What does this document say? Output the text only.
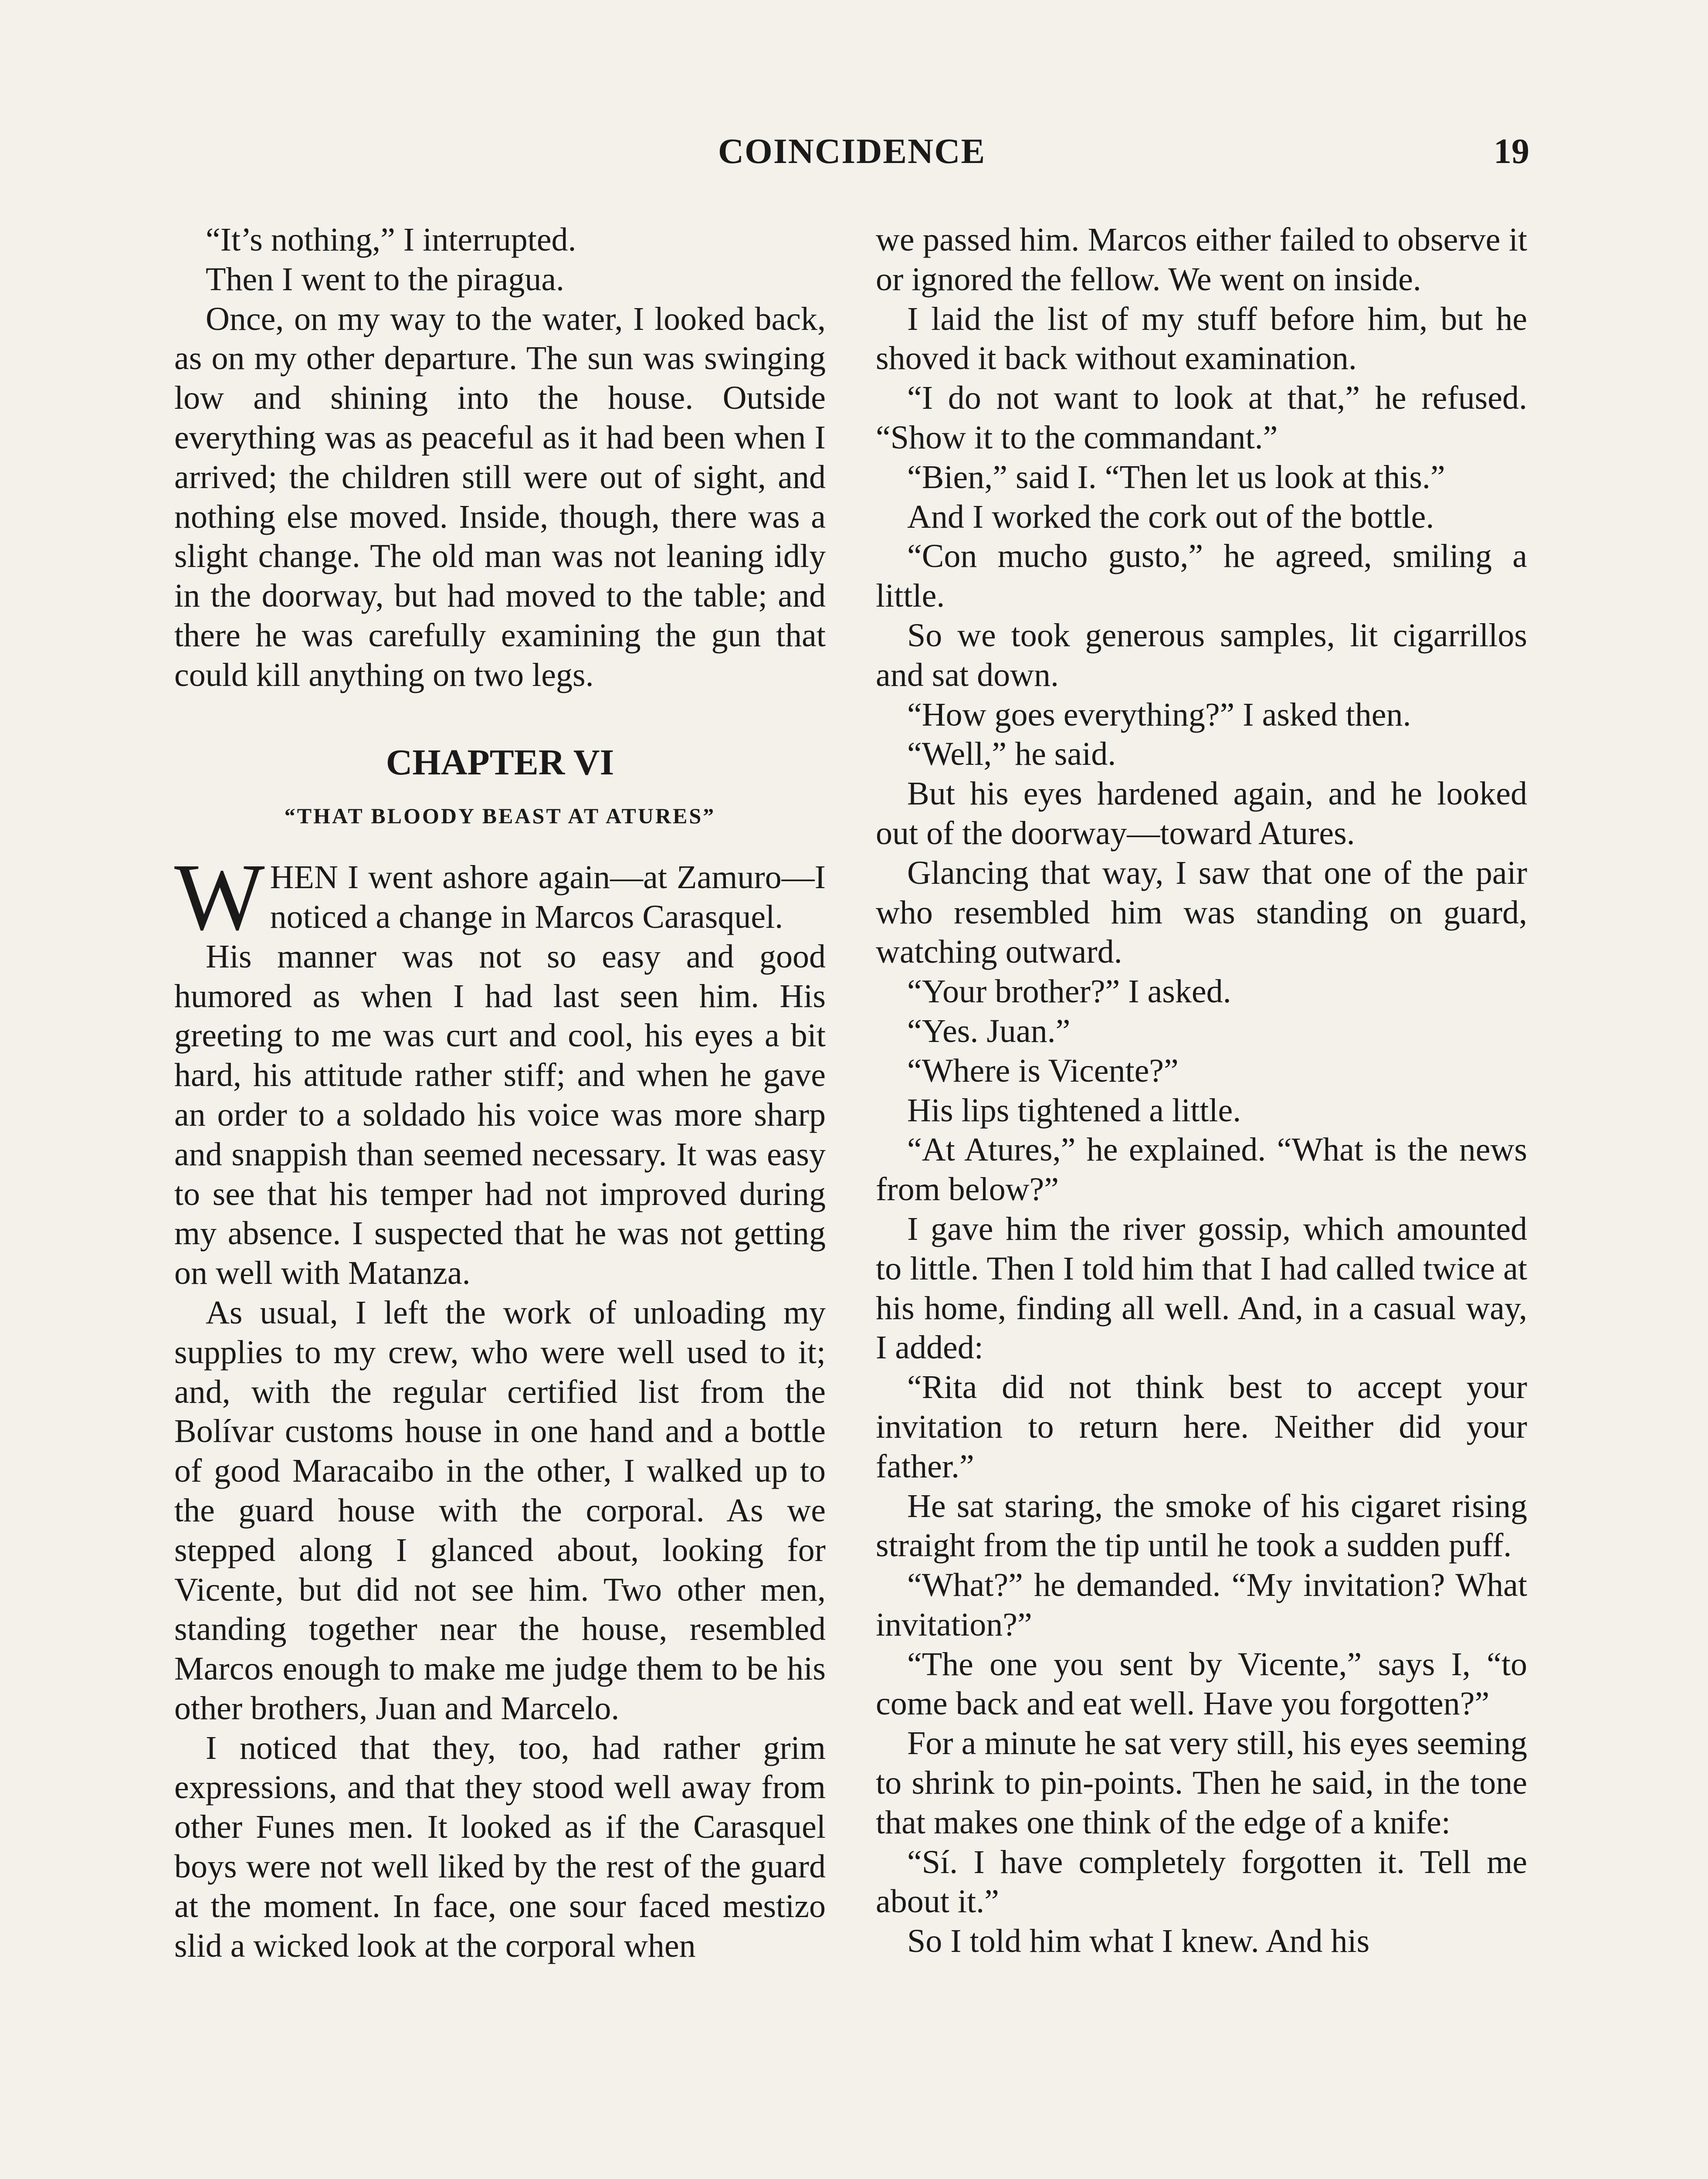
COINCIDENCE	19

“It’s nothing,” I interrupted.

Then I went to the piragua.

Once, on my way to the water, I looked back, as on my other departure. The sun was swinging low and shining into the house. Outside everything was as peaceful as it had been when I arrived; the children still were out of sight, and nothing else moved. Inside, though, there was a slight change. The old man was not leaning idly in the doorway, but had moved to the table; and there he was carefully examining the gun that could kill anything on two legs.

CHAPTER VI
“THAT BLOODY BEAST AT ATURES”

WHEN I went ashore again—at Zamuro—I noticed a change in Marcos Carasquel.

His manner was not so easy and good humored as when I had last seen him. His greeting to me was curt and cool, his eyes a bit hard, his attitude rather stiff; and when he gave an order to a soldado his voice was more sharp and snappish than seemed necessary. It was easy to see that his temper had not improved during my absence. I suspected that he was not getting on well with Matanza.

As usual, I left the work of unloading my supplies to my crew, who were well used to it; and, with the regular certified list from the Bolívar customs house in one hand and a bottle of good Maracaibo in the other, I walked up to the guard house with the corporal. As we stepped along I glanced about, looking for Vicente, but did not see him. Two other men, standing together near the house, resembled Marcos enough to make me judge them to be his other brothers, Juan and Marcelo.

I noticed that they, too, had rather grim expressions, and that they stood well away from other Funes men. It looked as if the Carasquel boys were not well liked by the rest of the guard at the moment. In face, one sour faced mestizo slid a wicked look at the corporal when

we passed him. Marcos either failed to observe it or ignored the fellow. We went on inside.

I laid the list of my stuff before him, but he shoved it back without examination.

“I do not want to look at that,” he refused. “Show it to the commandant.”

“Bien,” said I. “Then let us look at this.”

And I worked the cork out of the bottle.

“Con mucho gusto,” he agreed, smiling a little.

So we took generous samples, lit cigarrillos and sat down.

“How goes everything?” I asked then.

“Well,” he said.

But his eyes hardened again, and he looked out of the doorway—toward Atures.

Glancing that way, I saw that one of the pair who resembled him was standing on guard, watching outward.

“Your brother?” I asked.

“Yes. Juan.”

“Where is Vicente?”

His lips tightened a little.

“At Atures,” he explained. “What is the news from below?”

I gave him the river gossip, which amounted to little. Then I told him that I had called twice at his home, finding all well. And, in a casual way, I added:

“Rita did not think best to accept your invitation to return here. Neither did your father.”

He sat staring, the smoke of his cigaret rising straight from the tip until he took a sudden puff.

“What?” he demanded. “My invitation? What invitation?”

“The one you sent by Vicente,” says I, “to come back and eat well. Have you forgotten?”

For a minute he sat very still, his eyes seeming to shrink to pin-points. Then he said, in the tone that makes one think of the edge of a knife:

“Sí. I have completely forgotten it. Tell me about it.”

So I told him what I knew. And his
